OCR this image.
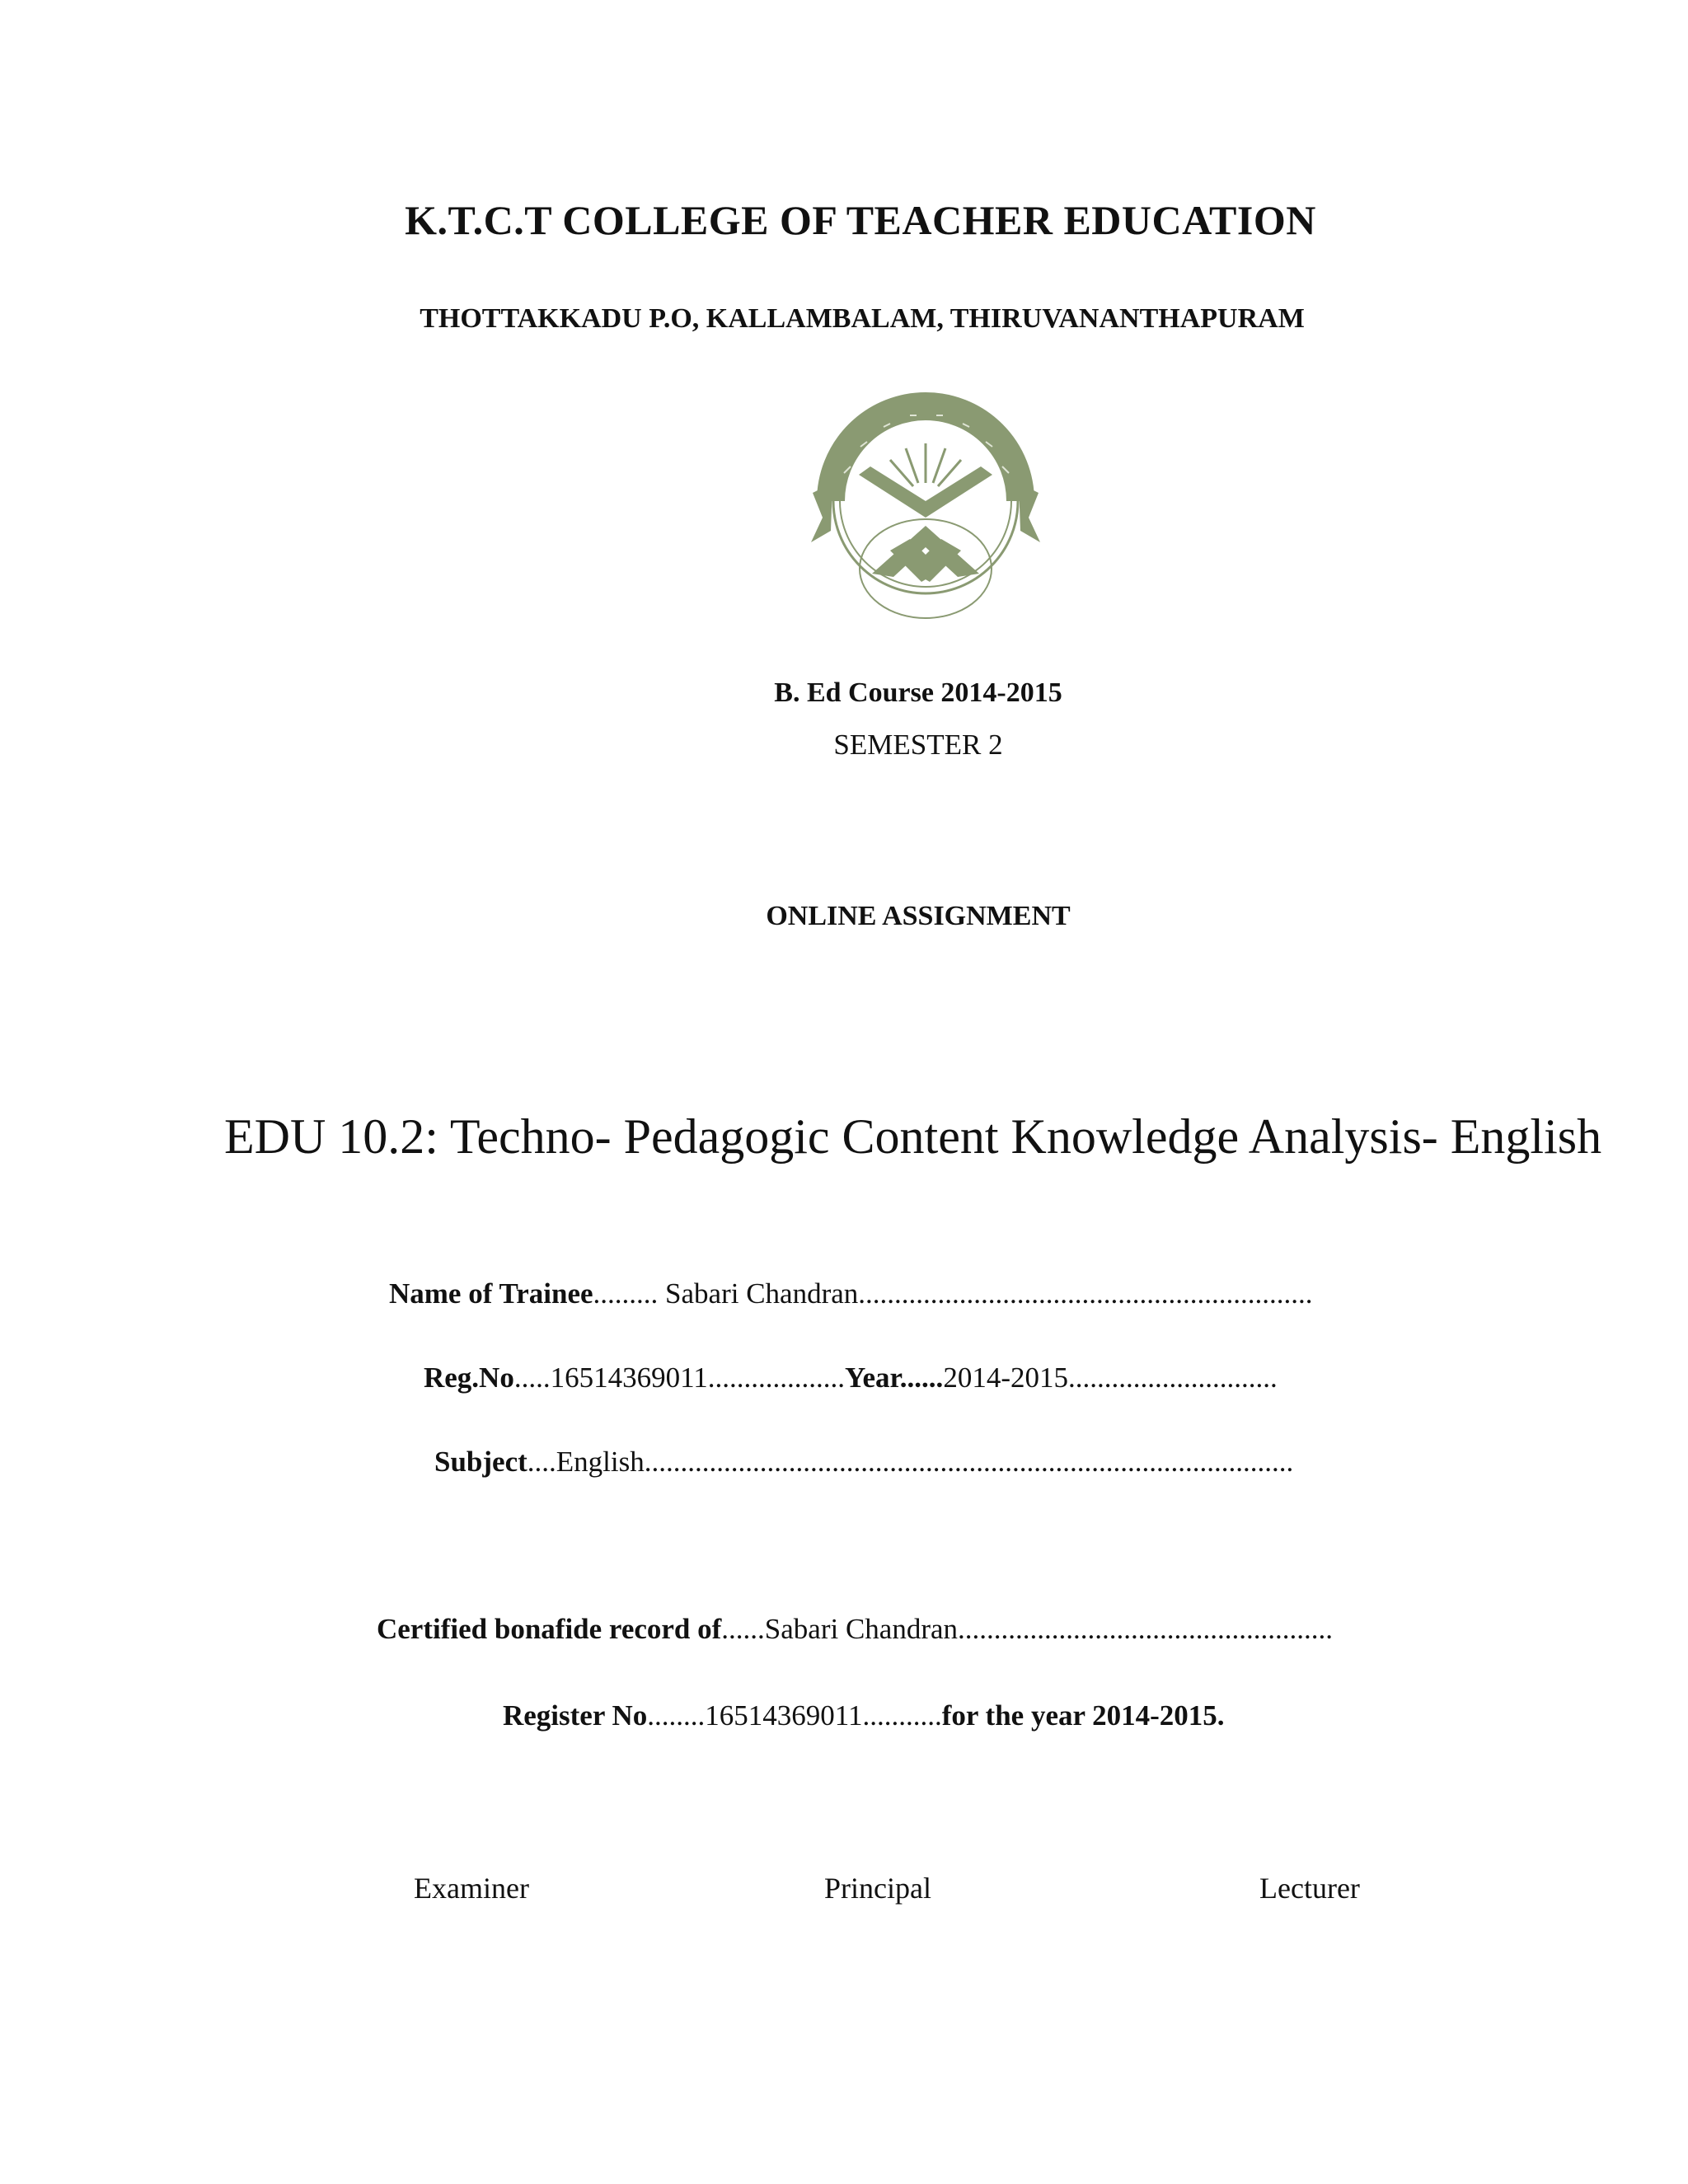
K.T.C.T COLLEGE OF TEACHER EDUCATION
THOTTAKKADU P.O, KALLAMBALAM, THIRUVANANTHAPURAM
B. Ed Course 2014-2015
SEMESTER 2
ONLINE ASSIGNMENT
EDU 10.2: Techno- Pedagogic Content Knowledge Analysis- English
Name of Trainee......... Sabari Chandran...............................................................
Reg.No.....16514369011...................Year......2014-2015.............................
Subject....English..........................................................................................
Certified bonafide record of......Sabari Chandran....................................................
Register No........16514369011...........for the year 2014-2015.
Examiner	Principal	Lecturer
